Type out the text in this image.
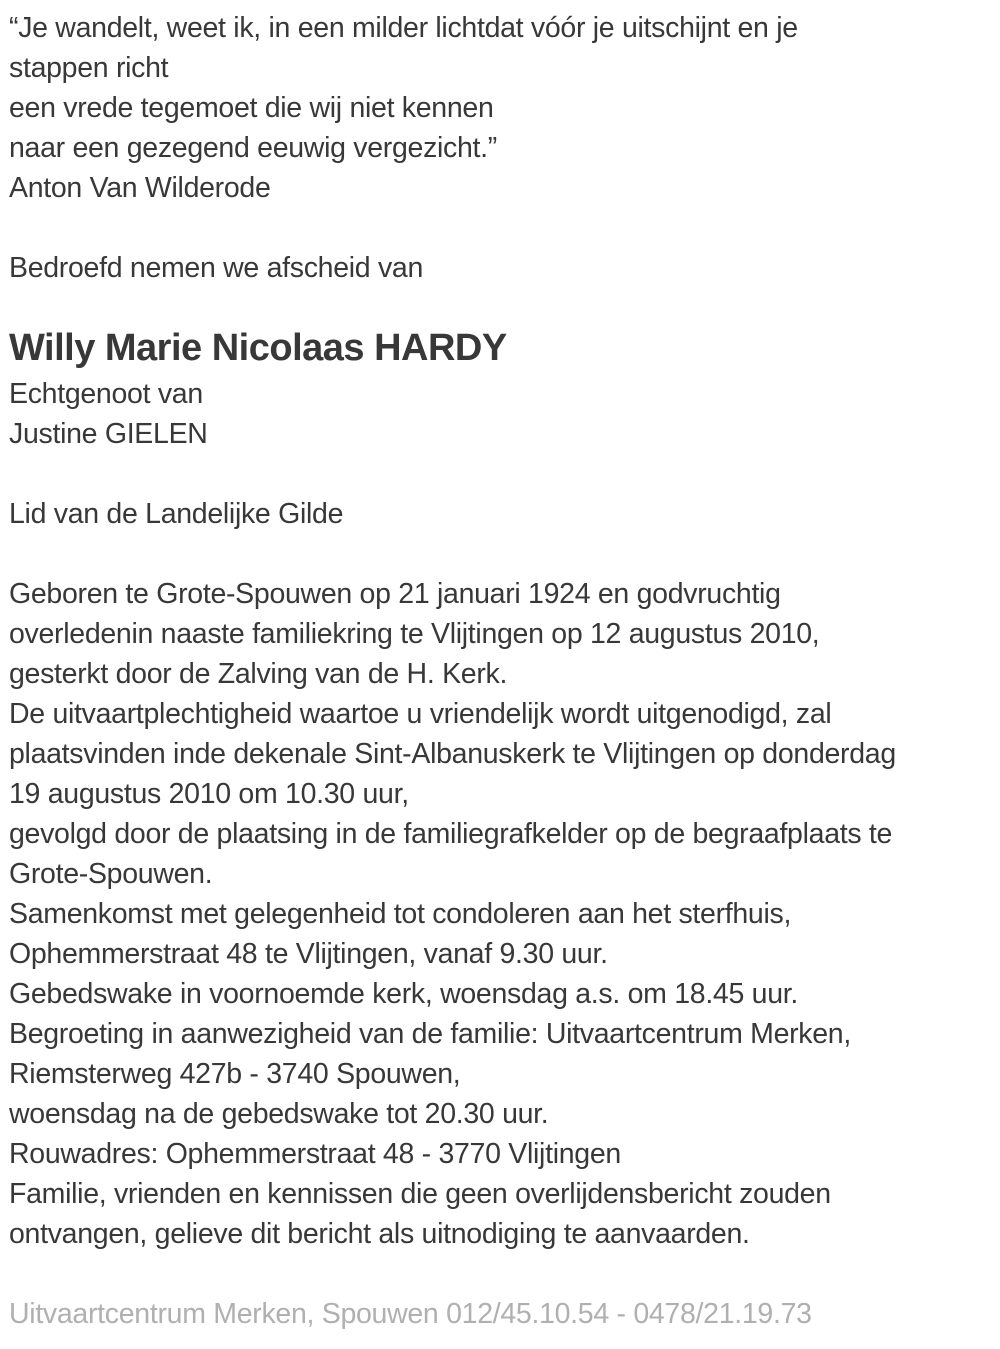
“Je wandelt, weet ik, in een milder lichtdat vóór je uitschijnt en je
stappen richt
een vrede tegemoet die wij niet kennen
naar een gezegend eeuwig vergezicht.”
Anton Van Wilderode
Bedroefd nemen we afscheid van
Willy Marie Nicolaas HARDY
Echtgenoot van
Justine GIELEN
Lid van de Landelijke Gilde
Geboren te Grote-Spouwen op 21 januari 1924 en godvruchtig
overledenin naaste familiekring te Vlijtingen op 12 augustus 2010,
gesterkt door de Zalving van de H. Kerk.
De uitvaartplechtigheid waartoe u vriendelijk wordt uitgenodigd, zal
plaatsvinden inde dekenale Sint-Albanuskerk te Vlijtingen op donderdag
19 augustus 2010 om 10.30 uur,
gevolgd door de plaatsing in de familiegrafkelder op de begraafplaats te
Grote-Spouwen.
Samenkomst met gelegenheid tot condoleren aan het sterfhuis,
Ophemmerstraat 48 te Vlijtingen, vanaf 9.30 uur.
Gebedswake in voornoemde kerk, woensdag a.s. om 18.45 uur.
Begroeting in aanwezigheid van de familie: Uitvaartcentrum Merken,
Riemsterweg 427b - 3740 Spouwen,
woensdag na de gebedswake tot 20.30 uur.
Rouwadres: Ophemmerstraat 48 - 3770 Vlijtingen
Familie, vrienden en kennissen die geen overlijdensbericht zouden
ontvangen, gelieve dit bericht als uitnodiging te aanvaarden.
Uitvaartcentrum Merken, Spouwen 012/45.10.54 - 0478/21.19.73
